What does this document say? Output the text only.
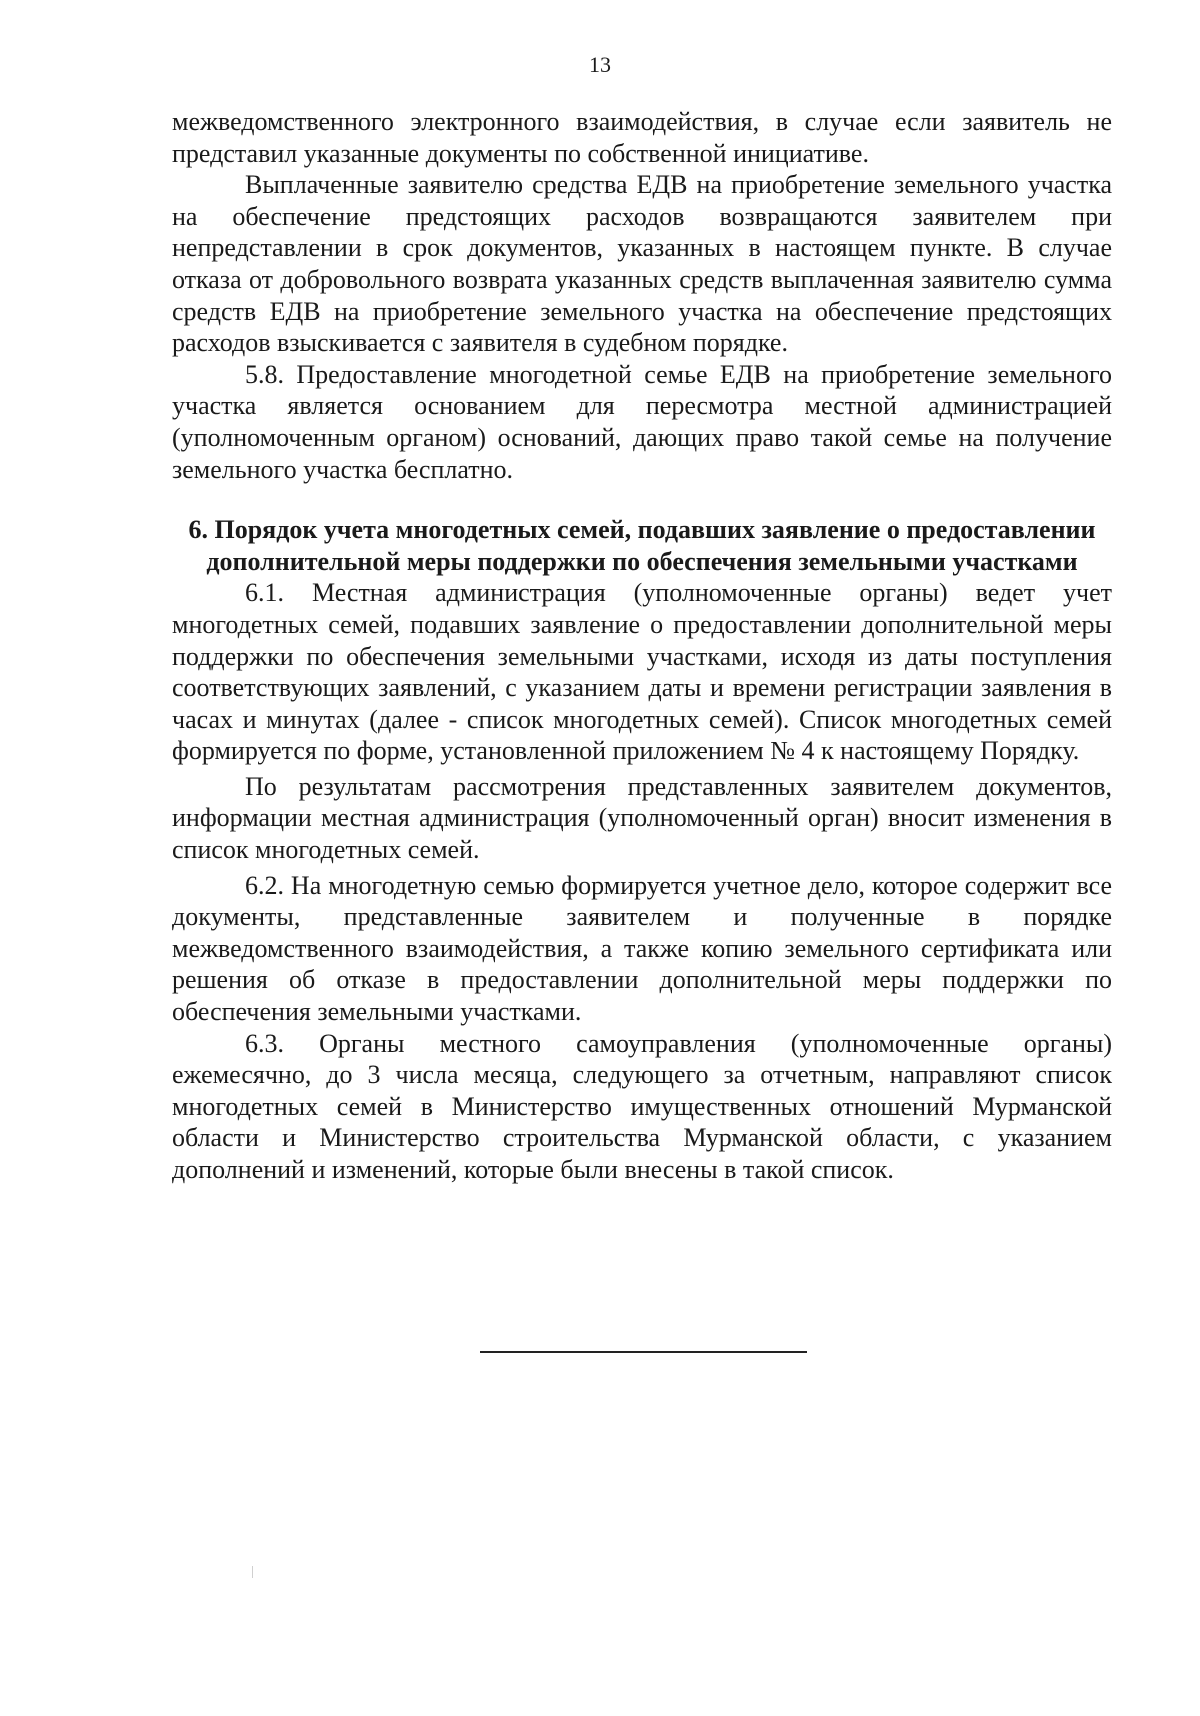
13

межведомственного электронного взаимодействия, в случае если заявитель не представил указанные документы по собственной инициативе.

Выплаченные заявителю средства ЕДВ на приобретение земельного участка на обеспечение предстоящих расходов возвращаются заявителем при непредставлении в срок документов, указанных в настоящем пункте. В случае отказа от добровольного возврата указанных средств выплаченная заявителю сумма средств ЕДВ на приобретение земельного участка на обеспечение предстоящих расходов взыскивается с заявителя в судебном порядке.

5.8. Предоставление многодетной семье ЕДВ на приобретение земельного участка является основанием для пересмотра местной администрацией (уполномоченным органом) оснований, дающих право такой семье на получение земельного участка бесплатно.

6. Порядок учета многодетных семей, подавших заявление о предоставлении дополнительной меры поддержки по обеспечения земельными участками

6.1. Местная администрация (уполномоченные органы) ведет учет многодетных семей, подавших заявление о предоставлении дополнительной меры поддержки по обеспечения земельными участками, исходя из даты поступления соответствующих заявлений, с указанием даты и времени регистрации заявления в часах и минутах (далее - список многодетных семей). Список многодетных семей формируется по форме, установленной приложением № 4 к настоящему Порядку.

По результатам рассмотрения представленных заявителем документов, информации местная администрация (уполномоченный орган) вносит изменения в список многодетных семей.

6.2. На многодетную семью формируется учетное дело, которое содержит все документы, представленные заявителем и полученные в порядке межведомственного взаимодействия, а также копию земельного сертификата или решения об отказе в предоставлении дополнительной меры поддержки по обеспечения земельными участками.

6.3. Органы местного самоуправления (уполномоченные органы) ежемесячно, до 3 числа месяца, следующего за отчетным, направляют список многодетных семей в Министерство имущественных отношений Мурманской области и Министерство строительства Мурманской области, с указанием дополнений и изменений, которые были внесены в такой список.
